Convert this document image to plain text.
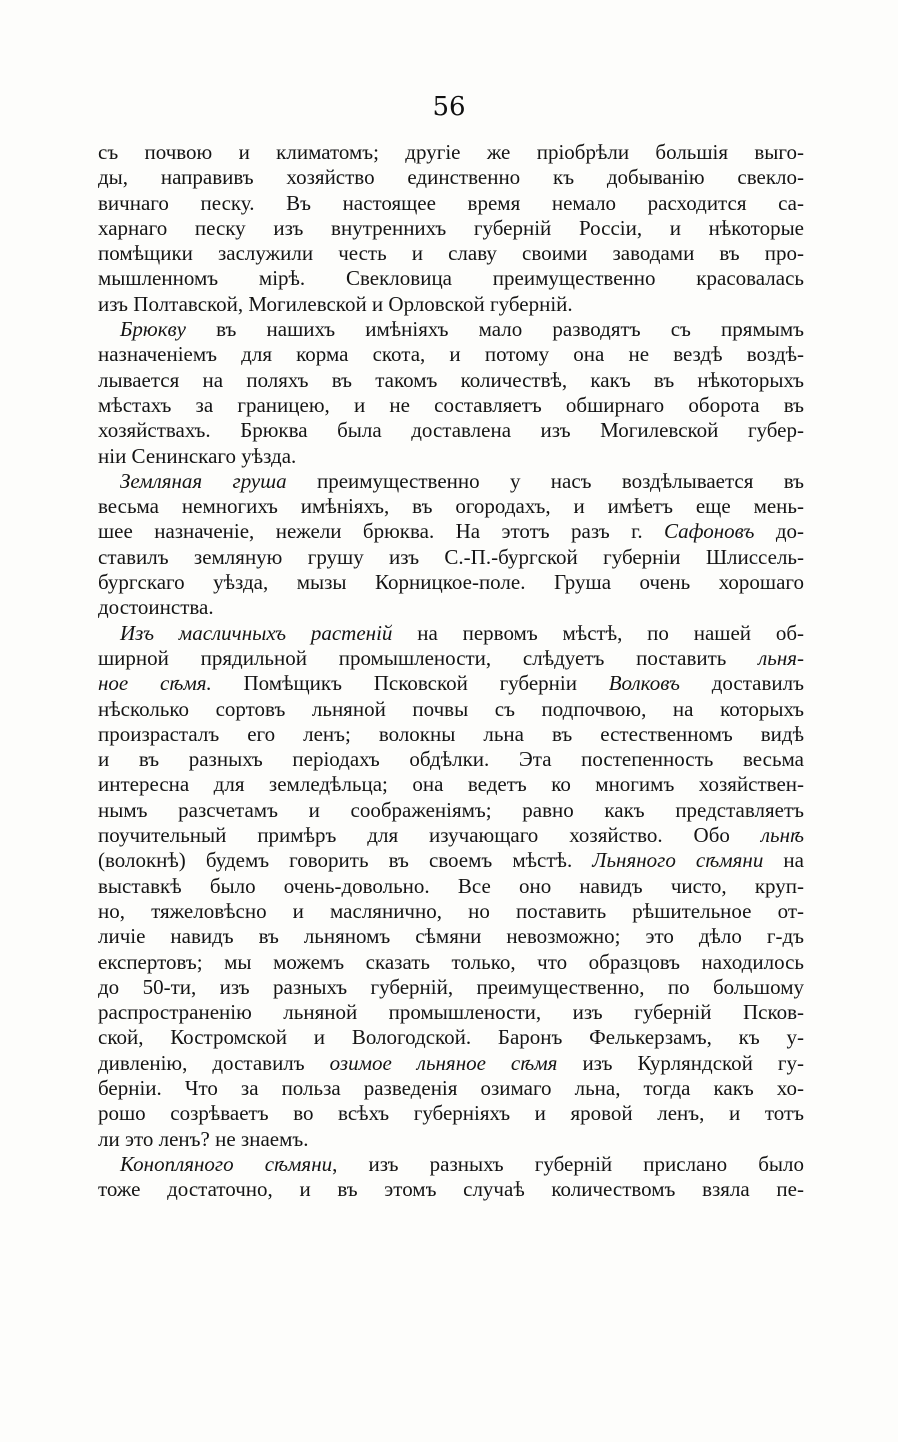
56
съ почвою и климатомъ; другіе же пріобрѣли большія выго-
ды, направивъ хозяйство единственно къ добыванію свекло-
вичнаго песку. Въ настоящее время немало расходится са-
харнаго песку изъ внутреннихъ губерній Россіи, и нѣкоторые
помѣщики заслужили честь и славу своими заводами въ про-
мышленномъ мірѣ. Свекловица преимущественно красовалась
изъ Полтавской, Могилевской и Орловской губерній.
Брюкву въ нашихъ имѣніяхъ мало разводятъ съ прямымъ
назначеніемъ для корма скота, и потому она не вездѣ воздѣ-
лывается на поляхъ въ такомъ количествѣ, какъ въ нѣкоторыхъ
мѣстахъ за границею, и не составляетъ обширнаго оборота въ
хозяйствахъ. Брюква была доставлена изъ Могилевской губер-
ніи Сенинскаго уѣзда.
Земляная груша преимущественно у насъ воздѣлывается въ
весьма немногихъ имѣніяхъ, въ огородахъ, и имѣетъ еще мень-
шее назначеніе, нежели брюква. На этотъ разъ г. Сафоновъ до-
ставилъ земляную грушу изъ С.-П.-бургской губерніи Шлиссель-
бургскаго уѣзда, мызы Корницкое-поле. Груша очень хорошаго
достоинства.
Изъ масличныхъ растеній на первомъ мѣстѣ, по нашей об-
ширной прядильной промышлености, слѣдуетъ поставить льня-
ное сѣмя. Помѣщикъ Псковской губерніи Волковъ доставилъ
нѣсколько сортовъ льняной почвы съ подпочвою, на которыхъ
произрасталъ его ленъ; волокны льна въ естественномъ видѣ
и въ разныхъ періодахъ обдѣлки. Эта постепенность весьма
интересна для земледѣльца; она ведетъ ко многимъ хозяйствен-
нымъ разсчетамъ и соображеніямъ; равно какъ представляетъ
поучительный примѣръ для изучающаго хозяйство. Обо льнѣ
(волокнѣ) будемъ говорить въ своемъ мѣстѣ. Льняного сѣмяни на
выставкѣ было очень-довольно. Все оно навидъ чисто, круп-
но, тяжеловѣсно и масляничнo, но поставить рѣшительное от-
личіе навидъ въ льняномъ сѣмяни невозможно; это дѣло г-дъ
експертовъ; мы можемъ сказать только, что образцовъ находилось
до 50-ти, изъ разныхъ губерній, преимущественно, по большому
распространенію льняной промышлености, изъ губерній Псков-
ской, Костромской и Вологодской. Баронъ Фелькерзамъ, къ у-
дивленію, доставилъ озимое льняное сѣмя изъ Курляндской гу-
берніи. Что за польза разведенія озимаго льна, тогда какъ хо-
рошо созрѣваетъ во всѣхъ губерніяхъ и яровой ленъ, и тотъ
ли это ленъ? не знаемъ.
Конопляного сѣмяни, изъ разныхъ губерній прислано было
тоже достаточно, и въ этомъ случаѣ количествомъ взяла пе-
